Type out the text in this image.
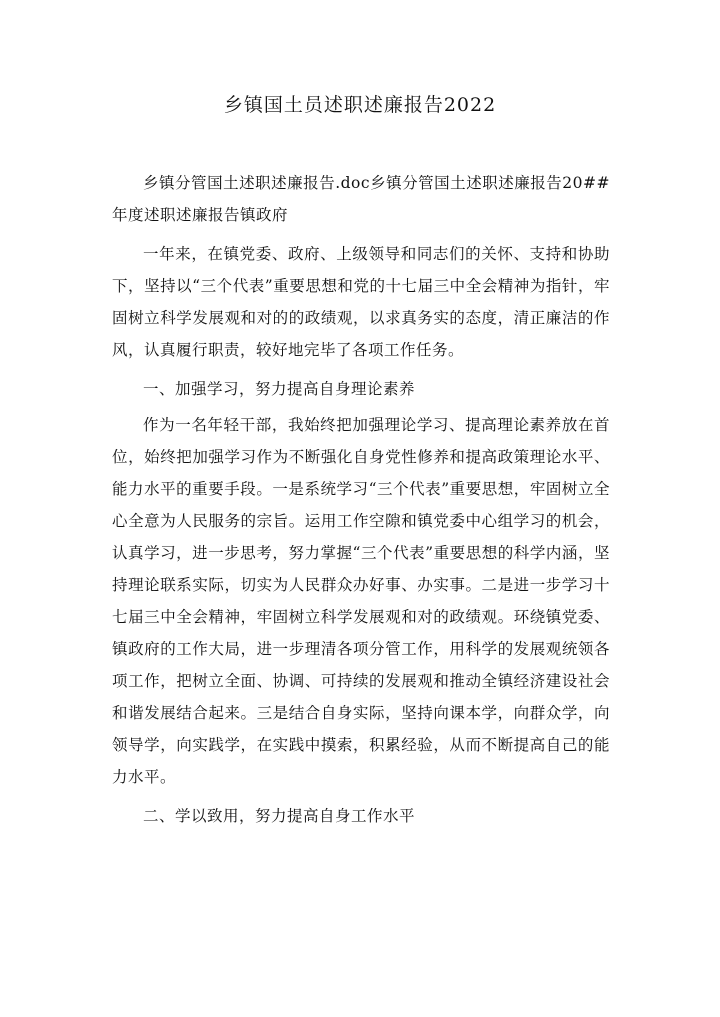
乡镇国土员述职述廉报告2022

乡镇分管国土述职述廉报告.doc乡镇分管国土述职述廉报告20##年度述职述廉报告镇政府

一年来，在镇党委、政府、上级领导和同志们的关怀、支持和协助下，坚持以“三个代表”重要思想和党的十七届三中全会精神为指针，牢固树立科学发展观和对的的政绩观，以求真务实的态度，清正廉洁的作风，认真履行职责，较好地完毕了各项工作任务。

一、加强学习，努力提高自身理论素养

作为一名年轻干部，我始终把加强理论学习、提高理论素养放在首位，始终把加强学习作为不断强化自身党性修养和提高政策理论水平、能力水平的重要手段。一是系统学习“三个代表”重要思想，牢固树立全心全意为人民服务的宗旨。运用工作空隙和镇党委中心组学习的机会，认真学习，进一步思考，努力掌握“三个代表”重要思想的科学内涵，坚持理论联系实际，切实为人民群众办好事、办实事。二是进一步学习十七届三中全会精神，牢固树立科学发展观和对的政绩观。环绕镇党委、镇政府的工作大局，进一步理清各项分管工作，用科学的发展观统领各项工作，把树立全面、协调、可持续的发展观和推动全镇经济建设社会和谐发展结合起来。三是结合自身实际，坚持向课本学，向群众学，向领导学，向实践学，在实践中摸索，积累经验，从而不断提高自己的能力水平。

二、学以致用，努力提高自身工作水平
